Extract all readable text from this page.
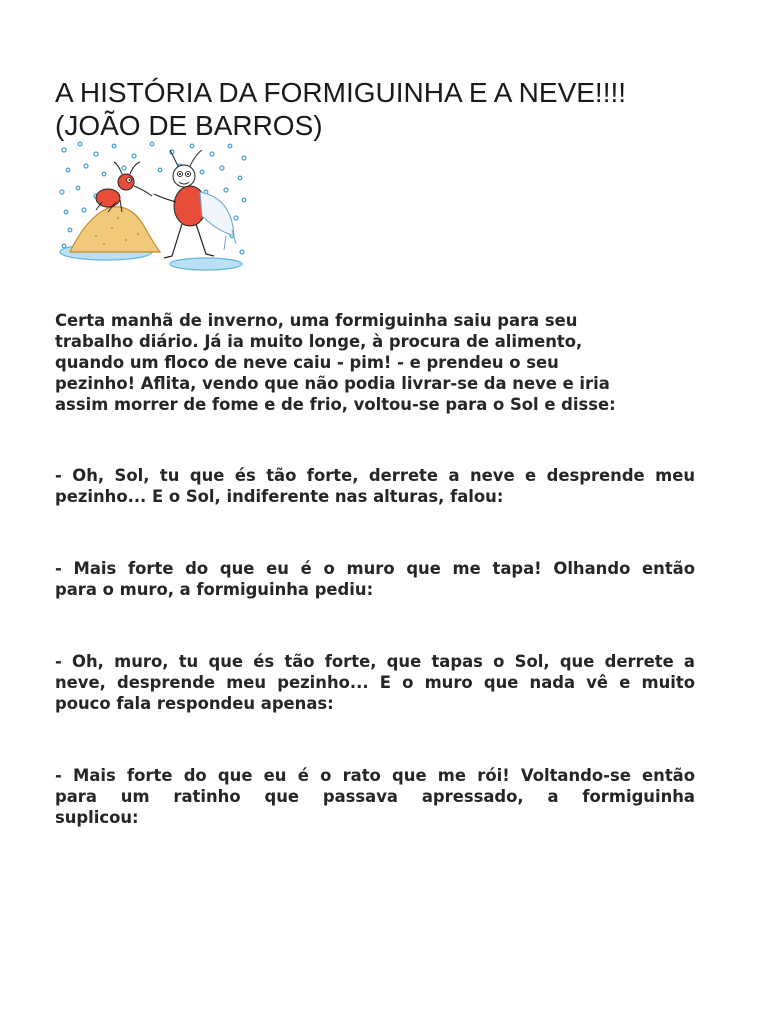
A HISTÓRIA DA FORMIGUINHA E A NEVE!!!!
(JOÃO DE BARROS)

Certa manhã de inverno, uma formiguinha saiu para seu
trabalho diário. Já ia muito longe, à procura de alimento,
quando um floco de neve caiu - pim! - e prendeu o seu
pezinho! Aflita, vendo que não podia livrar-se da neve e iria
assim morrer de fome e de frio, voltou-se para o Sol e disse:

- Oh, Sol, tu que és tão forte, derrete a neve e desprende meu
pezinho... E o Sol, indiferente nas alturas, falou:

- Mais forte do que eu é o muro que me tapa! Olhando então
para o muro, a formiguinha pediu:

- Oh, muro, tu que és tão forte, que tapas o Sol, que derrete a
neve, desprende meu pezinho... E o muro que nada vê e muito
pouco fala respondeu apenas:

- Mais forte do que eu é o rato que me rói! Voltando-se então
para um ratinho que passava apressado, a formiguinha
suplicou:
